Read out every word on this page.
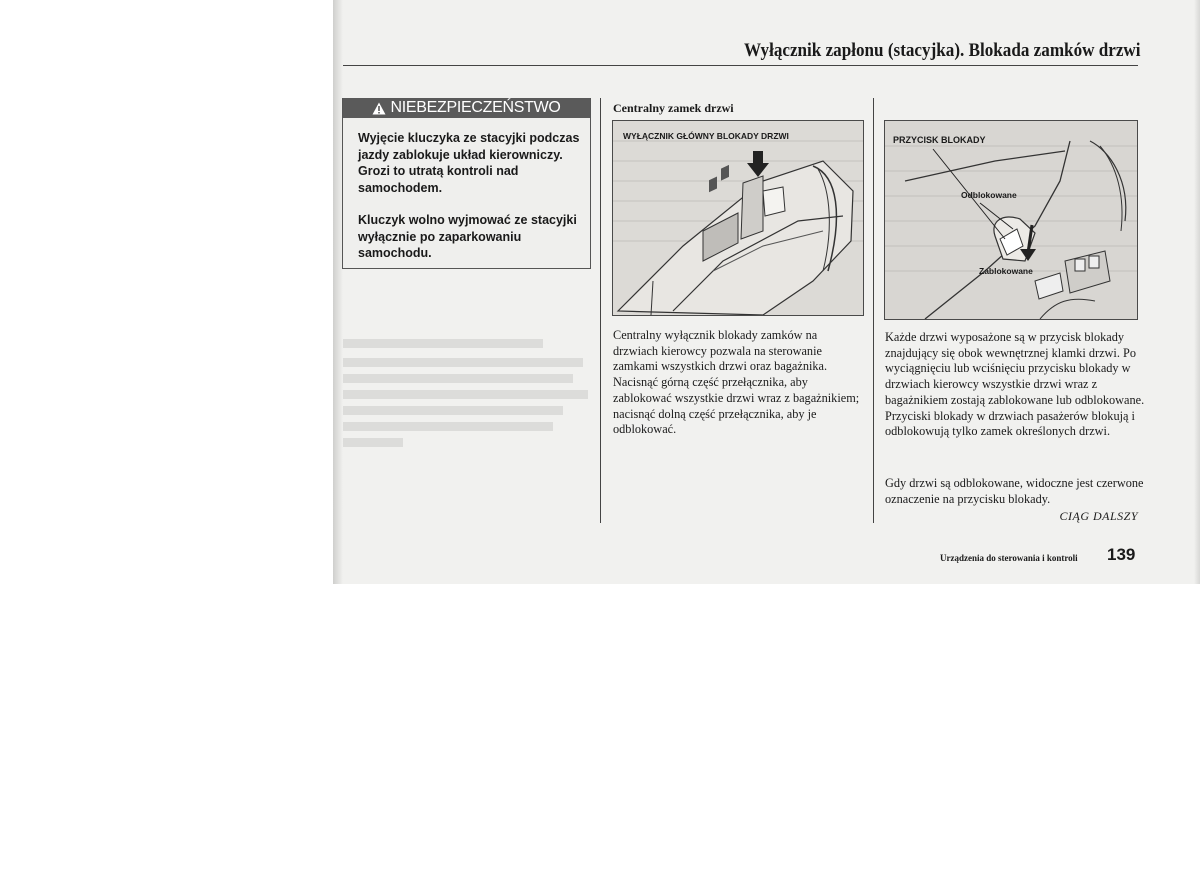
Wyłącznik zapłonu (stacyjka). Blokada zamków drzwi
NIEBEZPIECZEŃSTWO
Wyjęcie kluczyka ze stacyjki podczas jazdy zablokuje układ kierowniczy. Grozi to utratą kontroli nad samochodem.
Kluczyk wolno wyjmować ze stacyjki wyłącznie po zaparkowaniu samochodu.
Centralny zamek drzwi
WYŁĄCZNIK GŁÓWNY BLOKADY DRZWI
Centralny wyłącznik blokady zamków na drzwiach kierowcy pozwala na sterowanie zamkami wszystkich drzwi oraz bagażnika. Nacisnąć górną część przełącznika, aby zablokować wszystkie drzwi wraz z bagażnikiem; nacisnąć dolną część przełącznika, aby je odblokować.
PRZYCISK BLOKADY
Odblokowane
Zablokowane
Każde drzwi wyposażone są w przycisk blokady znajdujący się obok wewnętrznej klamki drzwi. Po wyciągnięciu lub wciśnięciu przycisku blokady w drzwiach kierowcy wszystkie drzwi wraz z bagażnikiem zostają zablokowane lub odblokowane. Przyciski blokady w drzwiach pasażerów blokują i odblokowują tylko zamek określonych drzwi.
Gdy drzwi są odblokowane, widoczne jest czerwone oznaczenie na przycisku blokady.
CIĄG DALSZY
Urządzenia do sterowania i kontroli 139
